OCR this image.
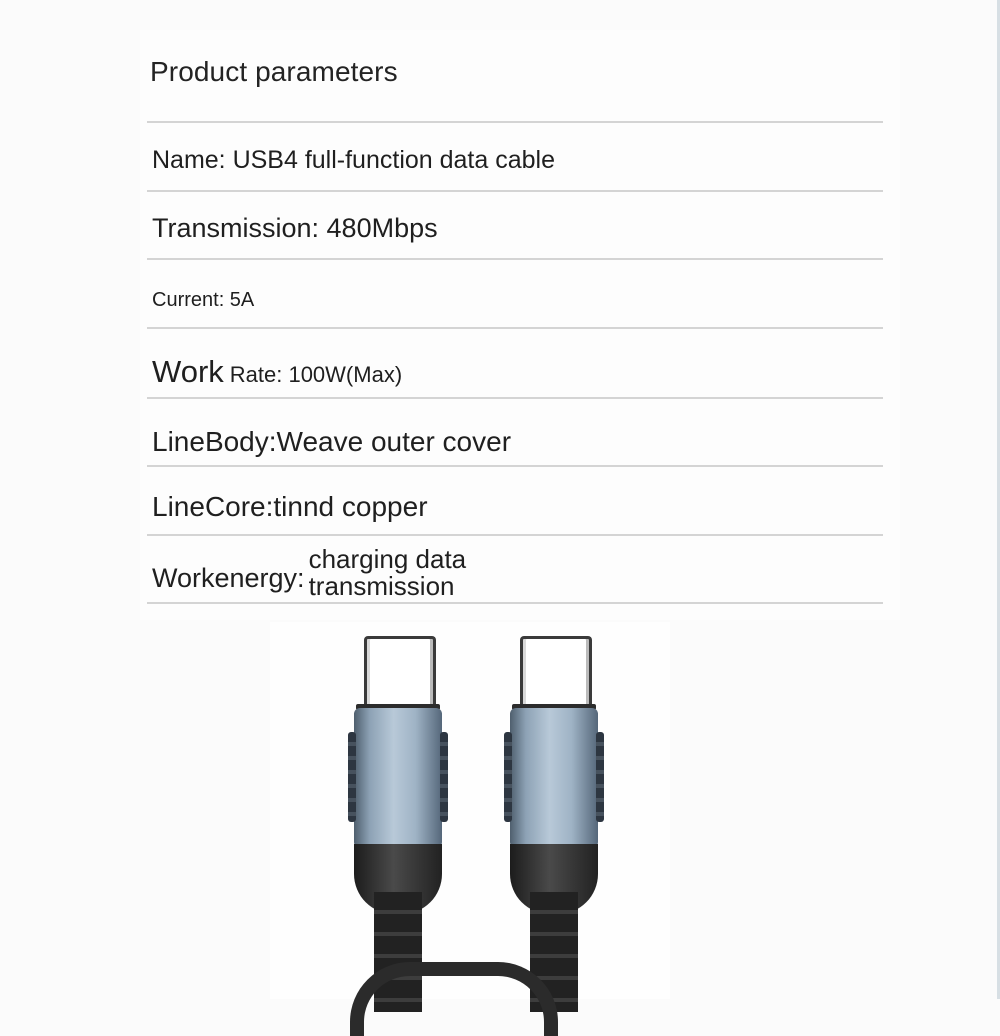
Product parameters
Name: USB4 full-function data cable
Transmission: 480Mbps
Current: 5A
Work Rate: 100W(Max)
LineBody:Weave outer cover
LineCore:tinnd copper
Workenergy:
charging data
transmission
